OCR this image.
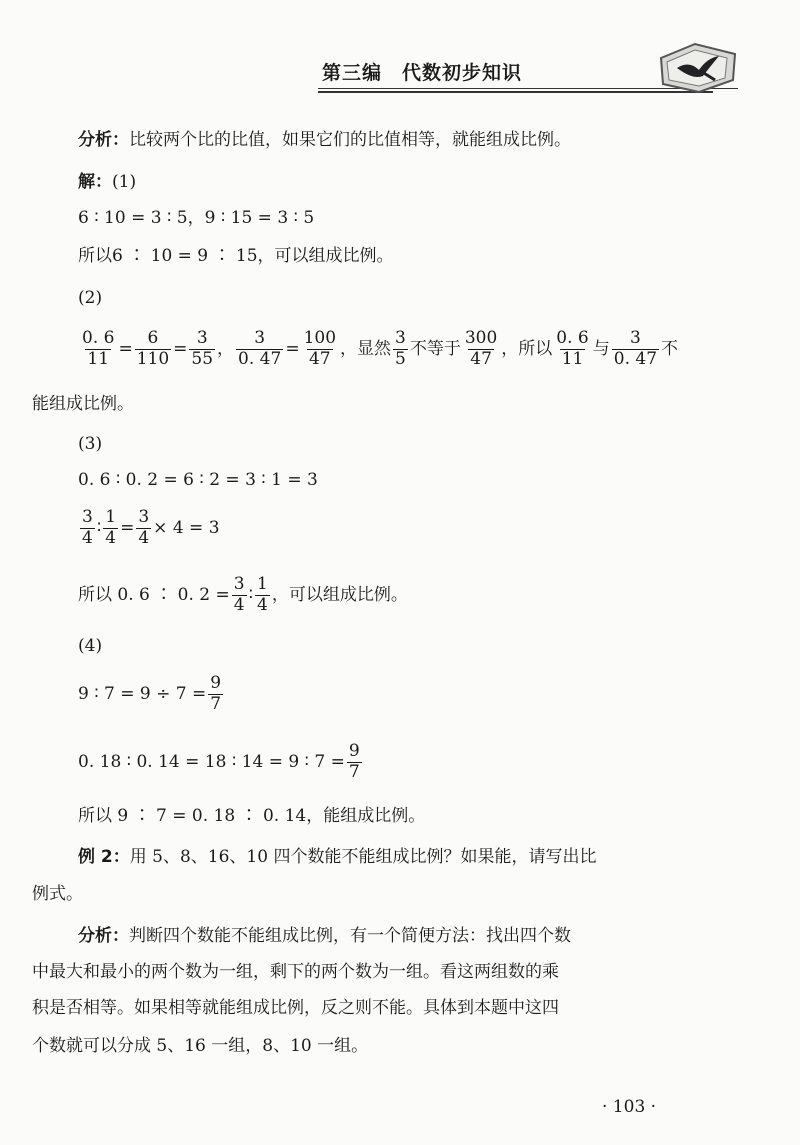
第三编　代数初步知识
分析： 比较两个比的比值，如果它们的比值相等，就能组成比例。
解： (1)
6 ∶ 10 = 3 ∶ 5，9 ∶ 15 = 3 ∶ 5
所以6 ∶ 10 = 9 ∶ 15，可以组成比例。
(2)
$\frac{0. 6}{11} = \frac{6}{110} = \frac{3}{55}$ ， $\frac{3}{0. 47} = \frac{100}{47}$ ，显然 $\frac{3}{5}$ 不等于 $\frac{300}{47}$ ，所以 $\frac{0. 6}{11}$ 与 $\frac{3}{0. 47}$ 不
能组成比例。
(3)
0. 6 ∶ 0. 2 = 6 ∶ 2 = 3 ∶ 1 = 3
$\frac{3}{4}$ ∶ $\frac{1}{4} = \frac{3}{4} \times 4 = 3$
所以 0. 6 ∶ 0. $2 = \frac{3}{4}$ ∶ $\frac{1}{4}$ ，可以组成比例。
(4)
9 ∶ $7 = 9 \div 7 = \frac{9}{7}$
0. 18 ∶ 0. 14 = 18 ∶ 14 = 9 ∶ $7 = \frac{9}{7}$
所以 9 ∶ 7 = 0. 18 ∶ 0. 14，能组成比例。
例 2： 用 5、8、16、10 四个数能不能组成比例？如果能，请写出比
例式。
分析： 判断四个数能不能组成比例，有一个简便方法：找出四个数
中最大和最小的两个数为一组，剩下的两个数为一组。看这两组数的乘
积是否相等。如果相等就能组成比例，反之则不能。具体到本题中这四
个数就可以分成 5、16 一组，8、10 一组。
· 103 ·
